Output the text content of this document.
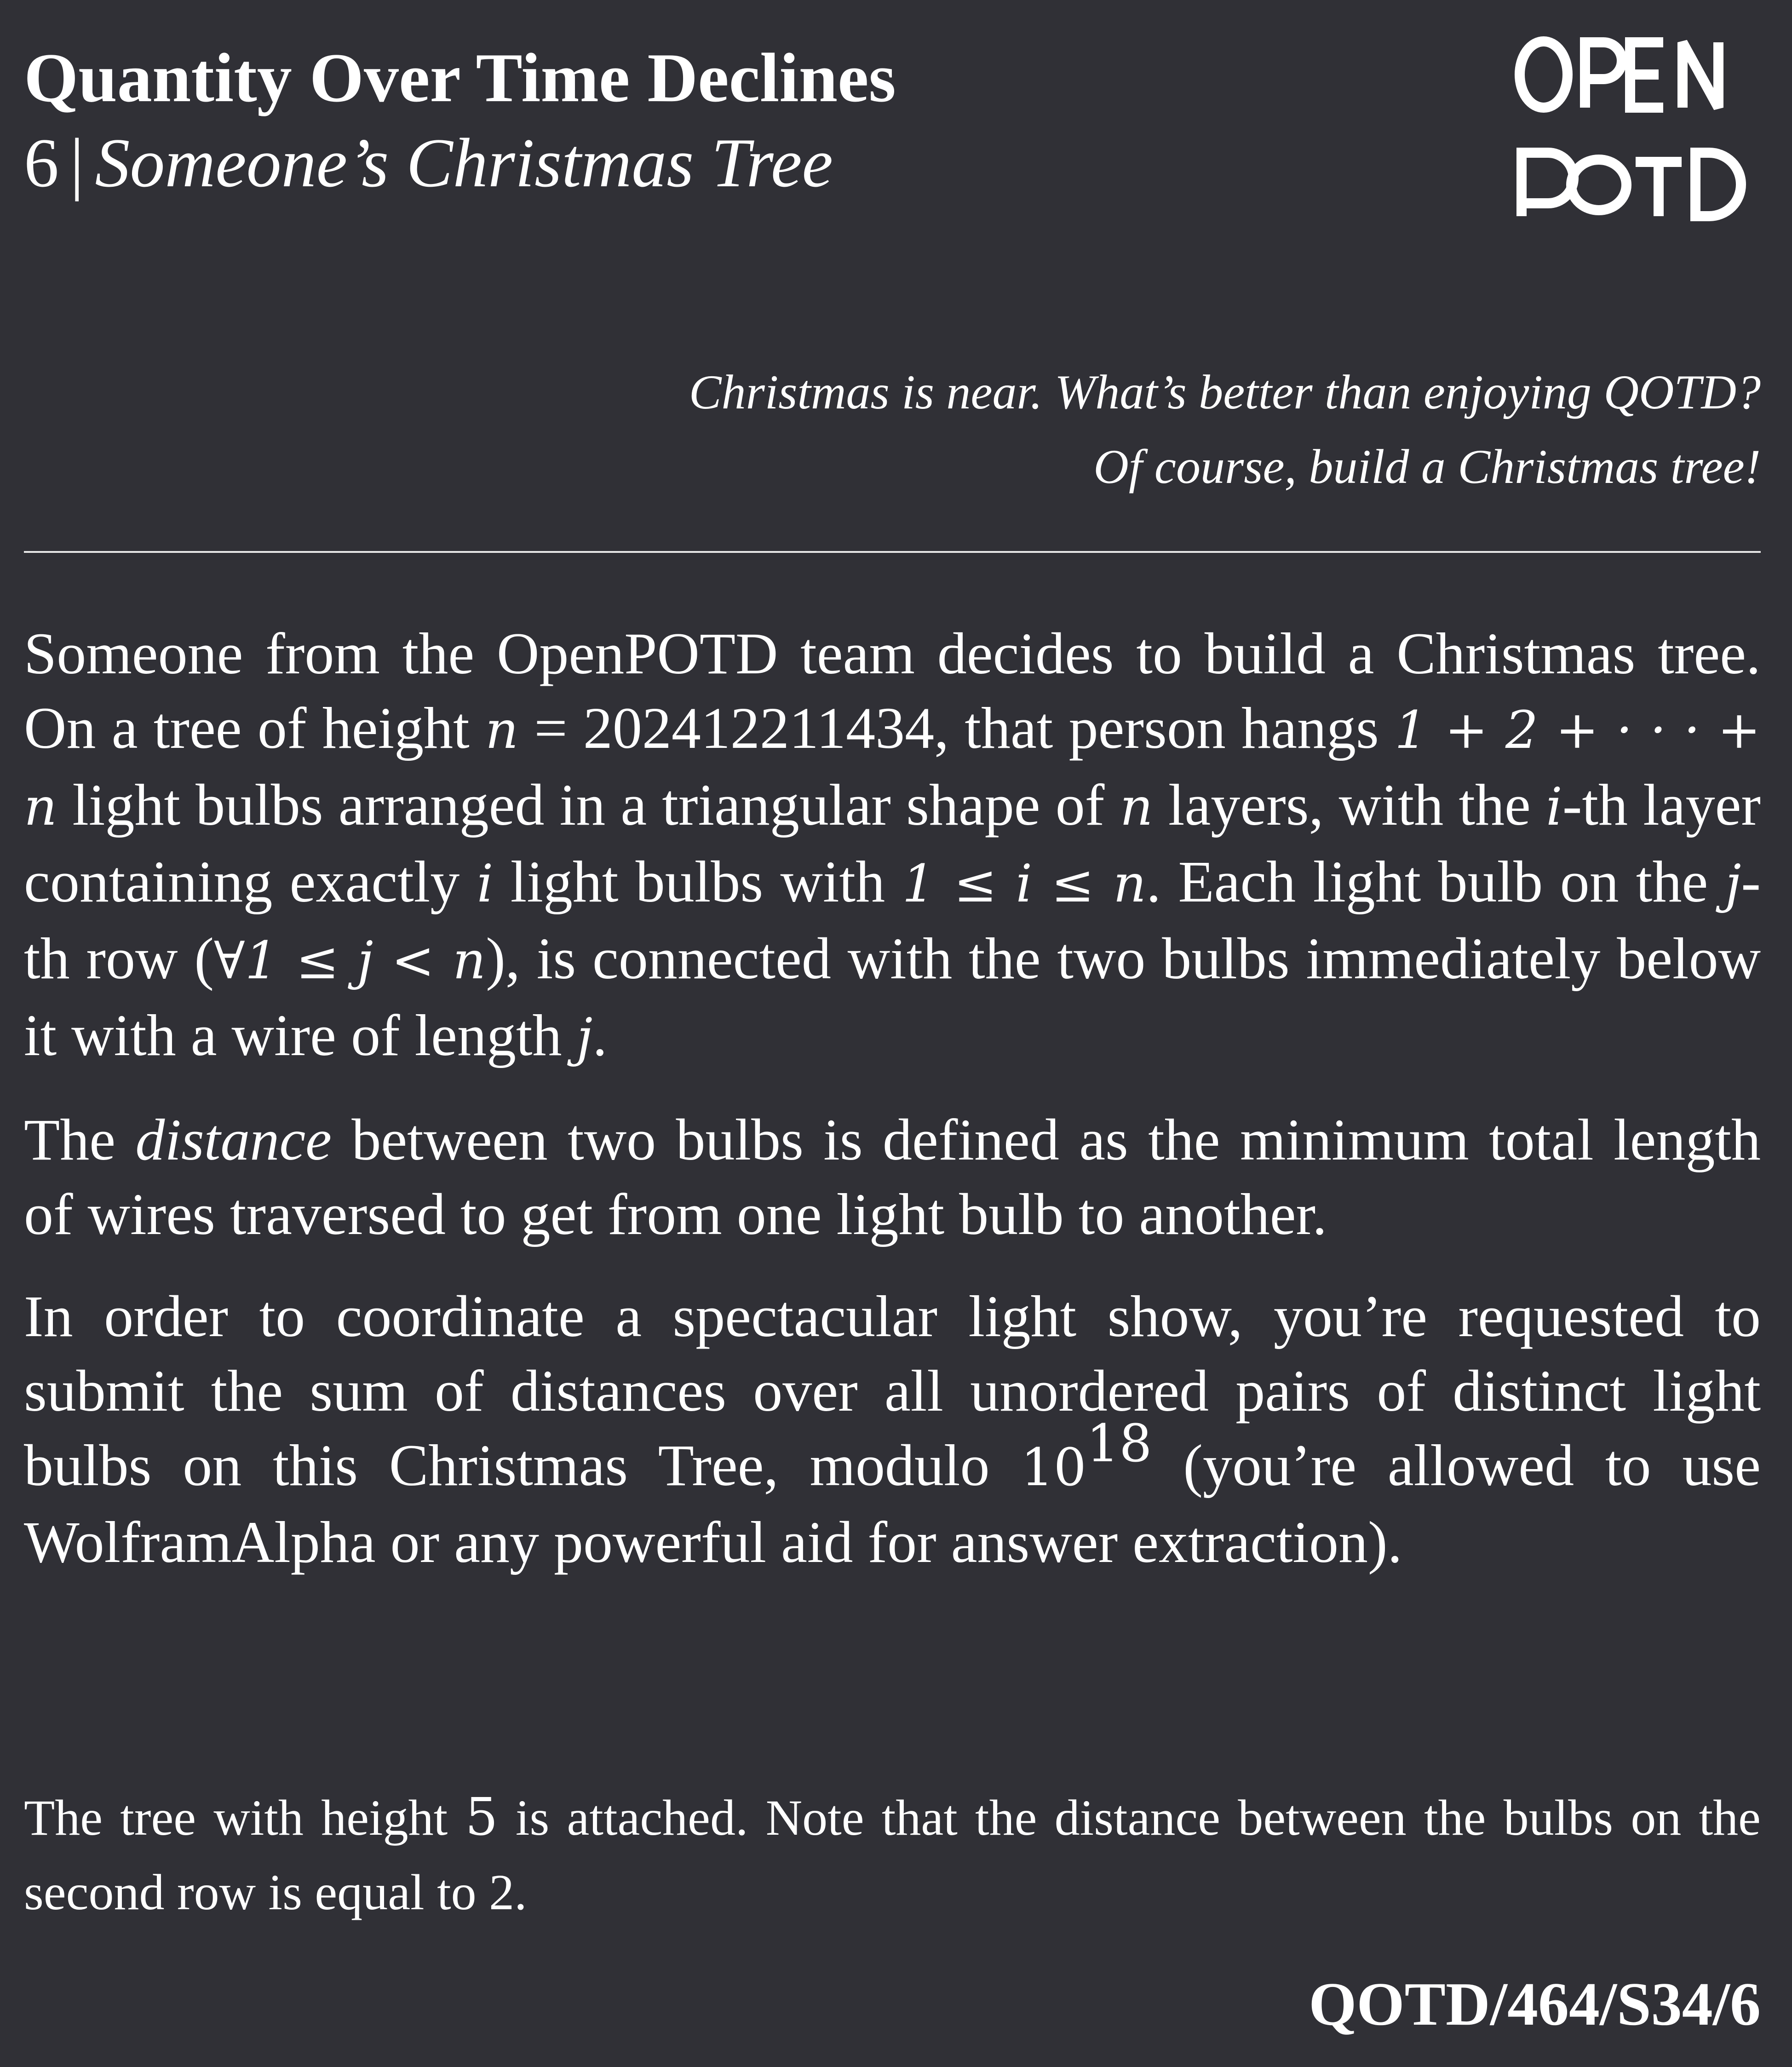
Quantity Over Time Declines
6 | Someone’s Christmas Tree
Christmas is near. What’s better than enjoying QOTD?
Of course, build a Christmas tree!

Someone from the OpenPOTD team decides to build a Christmas tree. On a tree of height n = 202412211434, that person hangs 1 + 2 + · · · + n light bulbs arranged in a triangular shape of n layers, with the i-th layer containing exactly i light bulbs with 1 ≤ i ≤ n. Each light bulb on the j-th row (∀1 ≤ j < n), is connected with the two bulbs immediately below it with a wire of length j.

The distance between two bulbs is defined as the minimum total length of wires traversed to get from one light bulb to another.

In order to coordinate a spectacular light show, you’re requested to submit the sum of distances over all unordered pairs of distinct light bulbs on this Christmas Tree, modulo $10^{18}$ (you’re allowed to use WolframAlpha or any powerful aid for answer extraction).

The tree with height 5 is attached. Note that the distance between the bulbs on the second row is equal to 2.
QOTD/464/S34/6
